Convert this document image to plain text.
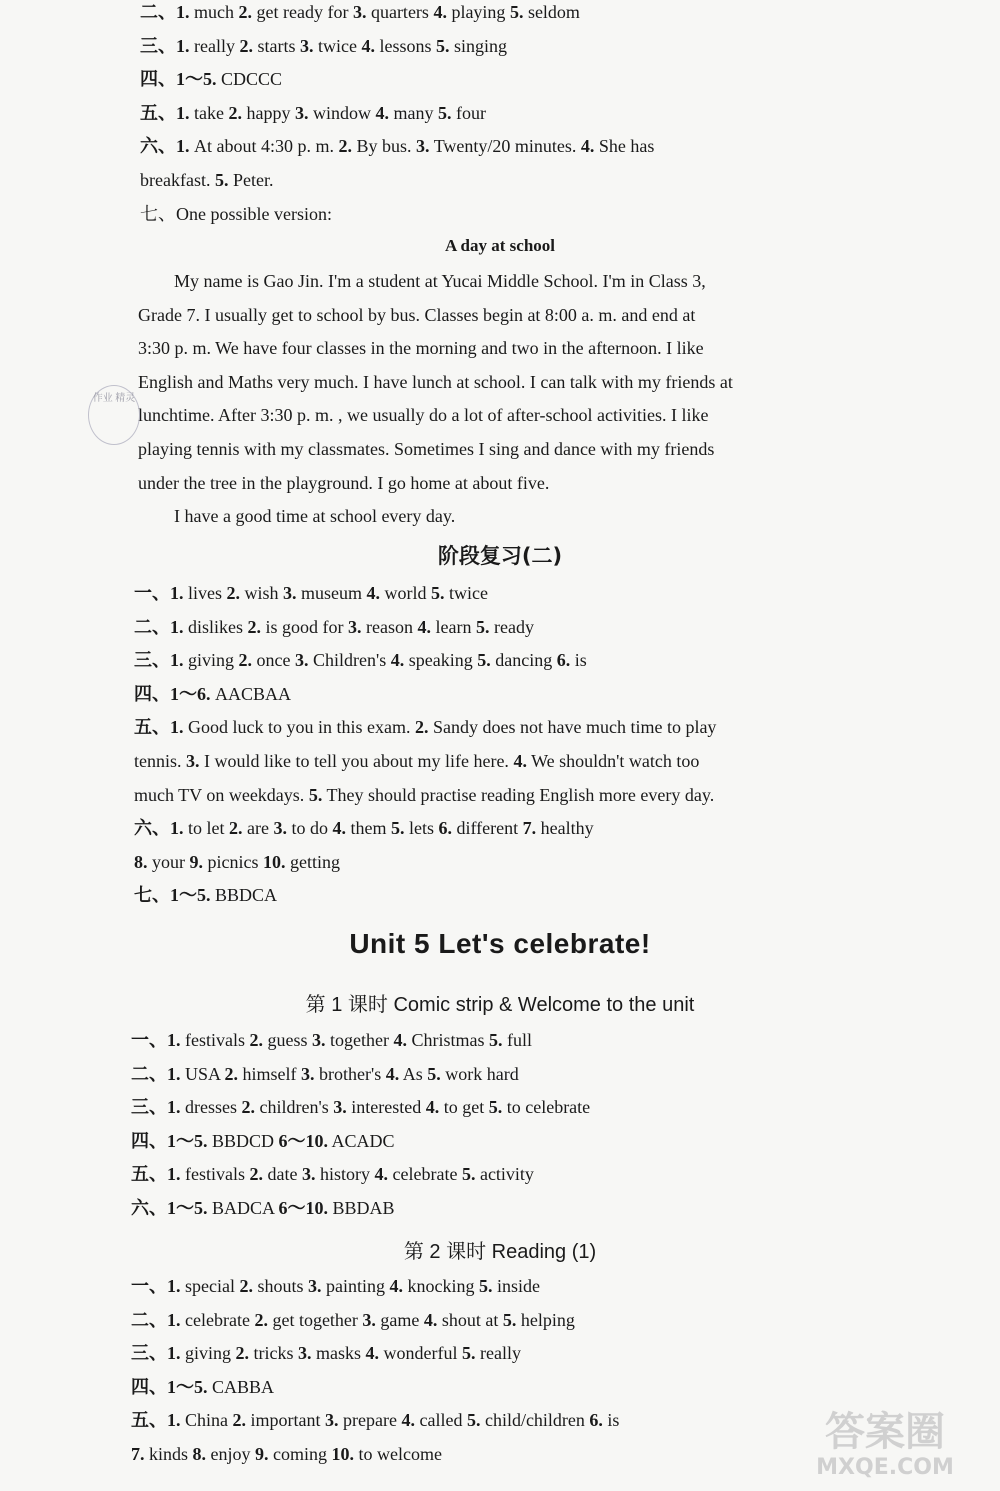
二、1. much 2. get ready for 3. quarters 4. playing 5. seldom
三、1. really 2. starts 3. twice 4. lessons 5. singing
四、1～5. CDCCC
五、1. take 2. happy 3. window 4. many 5. four
六、1. At about 4:30 p. m. 2. By bus. 3. Twenty/20 minutes. 4. She has
breakfast. 5. Peter.
七、One possible version:
A day at school
  My name is Gao Jin. I'm a student at Yucai Middle School. I'm in Class 3,
Grade 7. I usually get to school by bus. Classes begin at 8:00 a. m. and end at
3:30 p. m. We have four classes in the morning and two in the afternoon. I like
English and Maths very much. I have lunch at school. I can talk with my friends at
lunchtime. After 3:30 p. m. , we usually do a lot of after-school activities. I like
playing tennis with my classmates. Sometimes I sing and dance with my friends
under the tree in the playground. I go home at about five.
  I have a good time at school every day.
作业 精灵
阶段复习(二)
一、1. lives 2. wish 3. museum 4. world 5. twice
二、1. dislikes 2. is good for 3. reason 4. learn 5. ready
三、1. giving 2. once 3. Children's 4. speaking 5. dancing 6. is
四、1～6. AACBAA
五、1. Good luck to you in this exam. 2. Sandy does not have much time to play
tennis. 3. I would like to tell you about my life here. 4. We shouldn't watch too
much TV on weekdays. 5. They should practise reading English more every day.
六、1. to let 2. are 3. to do 4. them 5. lets 6. different 7. healthy
8. your 9. picnics 10. getting
七、1～5. BBDCA
Unit 5 Let's celebrate!
第 1 课时 Comic strip & Welcome to the unit
一、1. festivals 2. guess 3. together 4. Christmas 5. full
二、1. USA 2. himself 3. brother's 4. As 5. work hard
三、1. dresses 2. children's 3. interested 4. to get 5. to celebrate
四、1～5. BBDCD 6～10. ACADC
五、1. festivals 2. date 3. history 4. celebrate 5. activity
六、1～5. BADCA 6～10. BBDAB
第 2 课时 Reading (1)
一、1. special 2. shouts 3. painting 4. knocking 5. inside
二、1. celebrate 2. get together 3. game 4. shout at 5. helping
三、1. giving 2. tricks 3. masks 4. wonderful 5. really
四、1～5. CABBA
五、1. China 2. important 3. prepare 4. called 5. child/children 6. is
7. kinds 8. enjoy 9. coming 10. to welcome	答案圈
MXQE.COM
